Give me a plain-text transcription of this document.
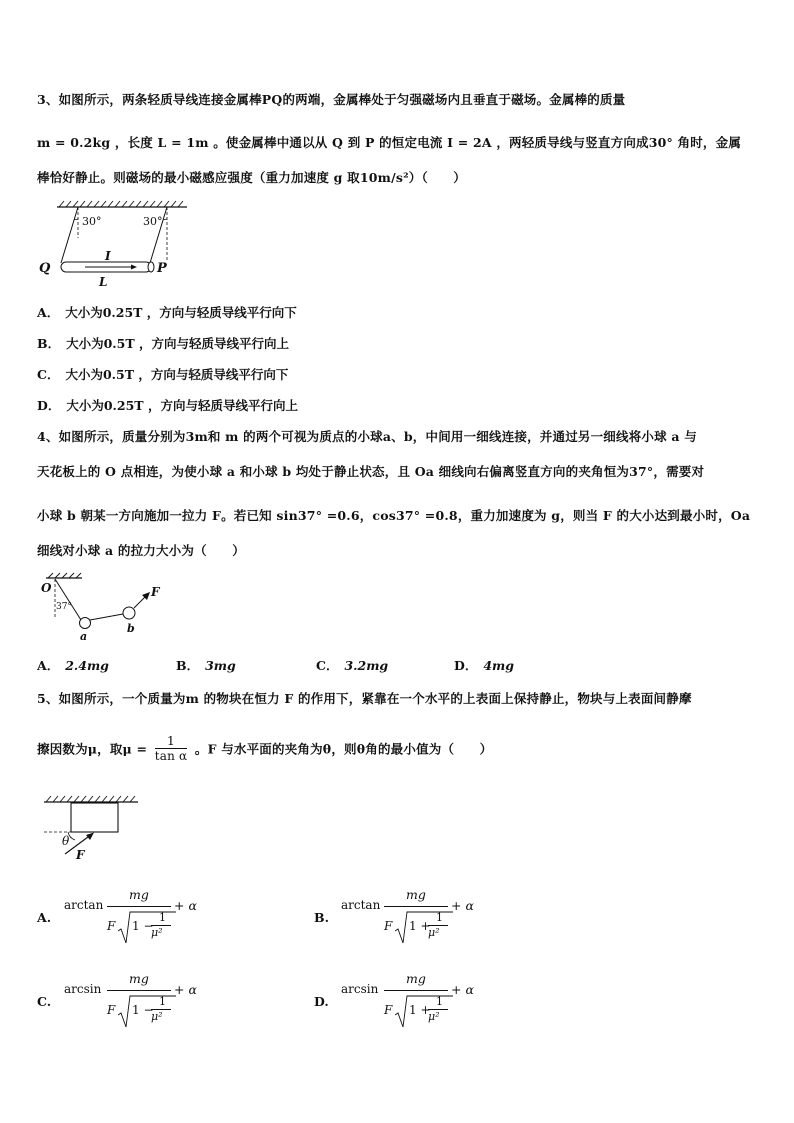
3、如图所示，两条轻质导线连接金属棒PQ的两端，金属棒处于匀强磁场内且垂直于磁场。金属棒的质量
m = 0.2kg ，长度 L = 1m 。使金属棒中通以从 Q 到 P 的恒定电流 I = 2A ，两轻质导线与竖直方向成30° 角时，金属
棒恰好静止。则磁场的最小磁感应强度（重力加速度 g 取10m/s²）（　　）
30°	30°
I
Q	P
L
A． 大小为0.25T ，方向与轻质导线平行向下
B． 大小为0.5T ，方向与轻质导线平行向上
C． 大小为0.5T ，方向与轻质导线平行向下
D． 大小为0.25T ，方向与轻质导线平行向上
4、如图所示，质量分别为3m和 m 的两个可视为质点的小球a、b，中间用一细线连接，并通过另一细线将小球 a 与
天花板上的 O 点相连，为使小球 a 和小球 b 均处于静止状态，且 Oa 细线向右偏离竖直方向的夹角恒为37°，需要对
小球 b 朝某一方向施加一拉力 F。若已知 sin37° =0.6，cos37° =0.8，重力加速度为 g，则当 F 的大小达到最小时，Oa
细线对小球 a 的拉力大小为（　　）
O
37°
F
a
b
A． 2.4mg	B． 3mg	C． 3.2mg	D． 4mg
5、如图所示，一个质量为m 的物块在恒力 F 的作用下，紧靠在一个水平的上表面上保持静止，物块与上表面间静摩
擦因数为μ，取$\mu = \frac{1}{\text{tan α}}$ 。F 与水平面的夹角为θ，则θ角的最小值为（　　）
θ
F
A.
arctan
mg
F 1 −
1
μ²
+ α
B.
arctan
mg
F 1 +
1
μ²
+ α
C.
arcsin
mg
F 1 −
1
μ²
+ α
D.
arcsin
mg
F 1 +
1
μ²
+ α
